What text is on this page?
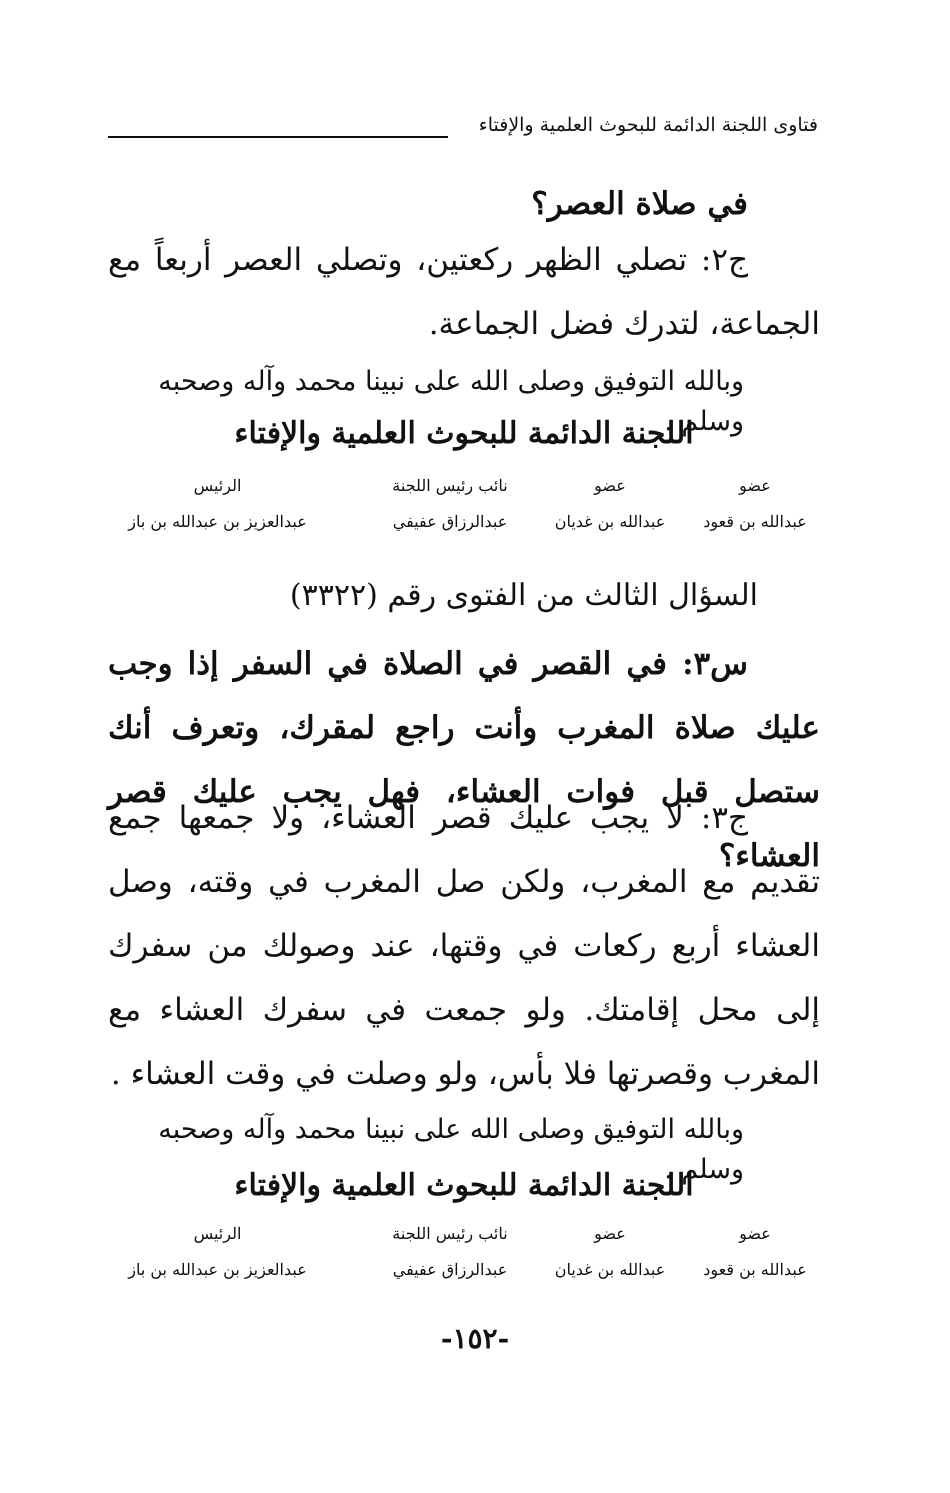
فتاوى اللجنة الدائمة للبحوث العلمية والإفتاء

في صلاة العصر؟

ج٢: تصلي الظهر ركعتين، وتصلي العصر أربعاً مع الجماعة، لتدرك فضل الجماعة.

وبالله التوفيق وصلى الله على نبينا محمد وآله وصحبه وسلم .

اللجنة الدائمة للبحوث العلمية والإفتاء

عضو
عبدالله بن قعود
عضو
عبدالله بن غديان
نائب رئيس اللجنة
عبدالرزاق عفيفي
الرئيس
عبدالعزيز بن عبدالله بن باز
السؤال الثالث من الفتوى رقم (٣٣٢٢)

س٣: في القصر في الصلاة في السفر إذا وجب عليك صلاة المغرب وأنت راجع لمقرك، وتعرف أنك ستصل قبل فوات العشاء، فهل يجب عليك قصر العشاء؟

ج٣: لا يجب عليك قصر العشاء، ولا جمعها جمع تقديم مع المغرب، ولكن صل المغرب في وقته، وصل العشاء أربع ركعات في وقتها، عند وصولك من سفرك إلى محل إقامتك. ولو جمعت في سفرك العشاء مع المغرب وقصرتها فلا بأس، ولو وصلت في وقت العشاء .

وبالله التوفيق وصلى الله على نبينا محمد وآله وصحبه وسلم .

اللجنة الدائمة للبحوث العلمية والإفتاء

عضو
عبدالله بن قعود
عضو
عبدالله بن غديان
نائب رئيس اللجنة
عبدالرزاق عفيفي
الرئيس
عبدالعزيز بن عبدالله بن باز
-١٥٢-
